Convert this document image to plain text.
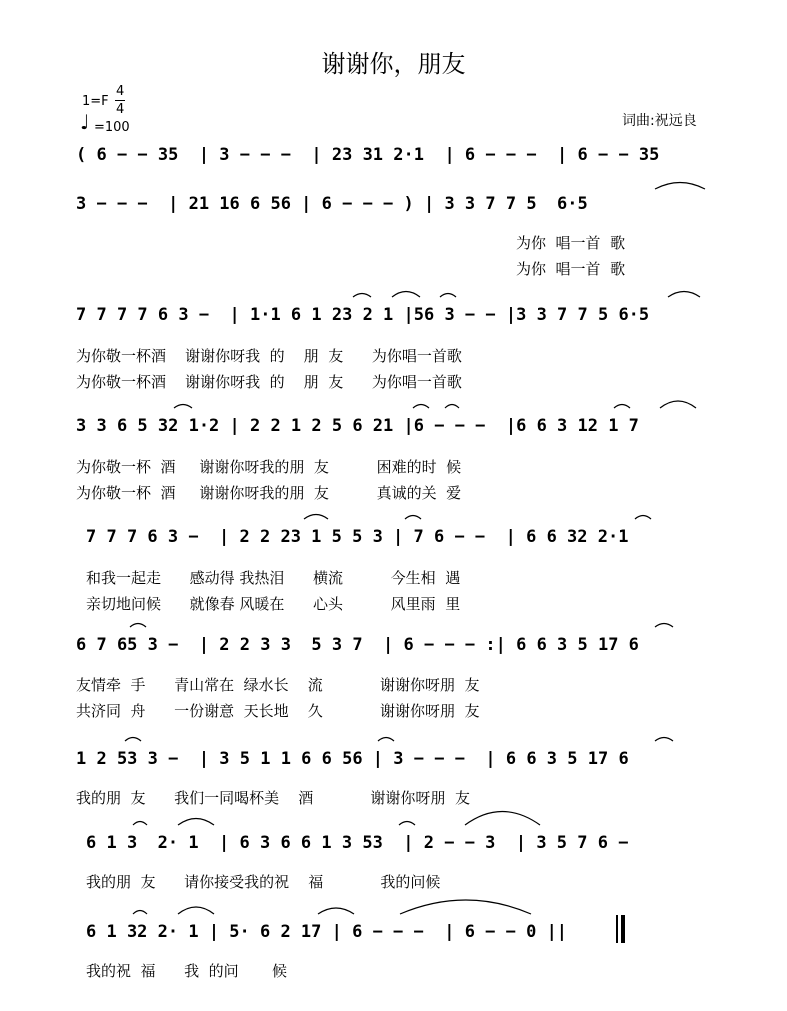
谢谢你，朋友
1=F
4
4
♩ =100	词曲:祝远良
( 6 − − 35  | 3 − − −  | 23 31 2·1  | 6 − − −  | 6 − − 35
3 − − −  | 21 16 6 56 | 6 − − − ) | 3 3 7 7 5  6·5
为你  唱一首  歌
为你  唱一首  歌
7 7 7 7 6 3 −  | 1·1 6 1 23 2 1 |56 3 − − |3 3 7 7 5 6·5
为你敬一杯酒    谢谢你呀我  的    朋  友      为你唱一首歌
为你敬一杯酒    谢谢你呀我  的    朋  友      为你唱一首歌
3 3 6 5 32 1·2 | 2 2 1 2 5 6 21 |6 − − −  |6 6 3 12 1 7
为你敬一杯  酒     谢谢你呀我的朋  友          困难的时  候
为你敬一杯  酒     谢谢你呀我的朋  友          真诚的关  爱
7 7 7 6 3 −  | 2 2 23 1 5 5 3 | 7 6 − −  | 6 6 32 2·1
和我一起走      感动得 我热泪      横流          今生相  遇
亲切地问候      就像春 风暖在      心头          风里雨  里
6 7 65 3 −  | 2 2 3 3  5 3 7  | 6 − − − :| 6 6 3 5 17 6
友情牵  手      青山常在  绿水长    流            谢谢你呀朋  友
共济同  舟      一份谢意  天长地    久            谢谢你呀朋  友
1 2 53 3 −  | 3 5 1 1 6 6 56 | 3 − − −  | 6 6 3 5 17 6
我的朋  友      我们一同喝杯美    酒            谢谢你呀朋  友
6 1 3  2· 1  | 6 3 6 6 1 3 53  | 2 − − 3  | 3 5 7 6 −
我的朋  友      请你接受我的祝    福            我的问候
6 1 32 2· 1 | 5· 6 2 17 | 6 − − −  | 6 − − 0 ||
我的祝  福      我  的问       候
